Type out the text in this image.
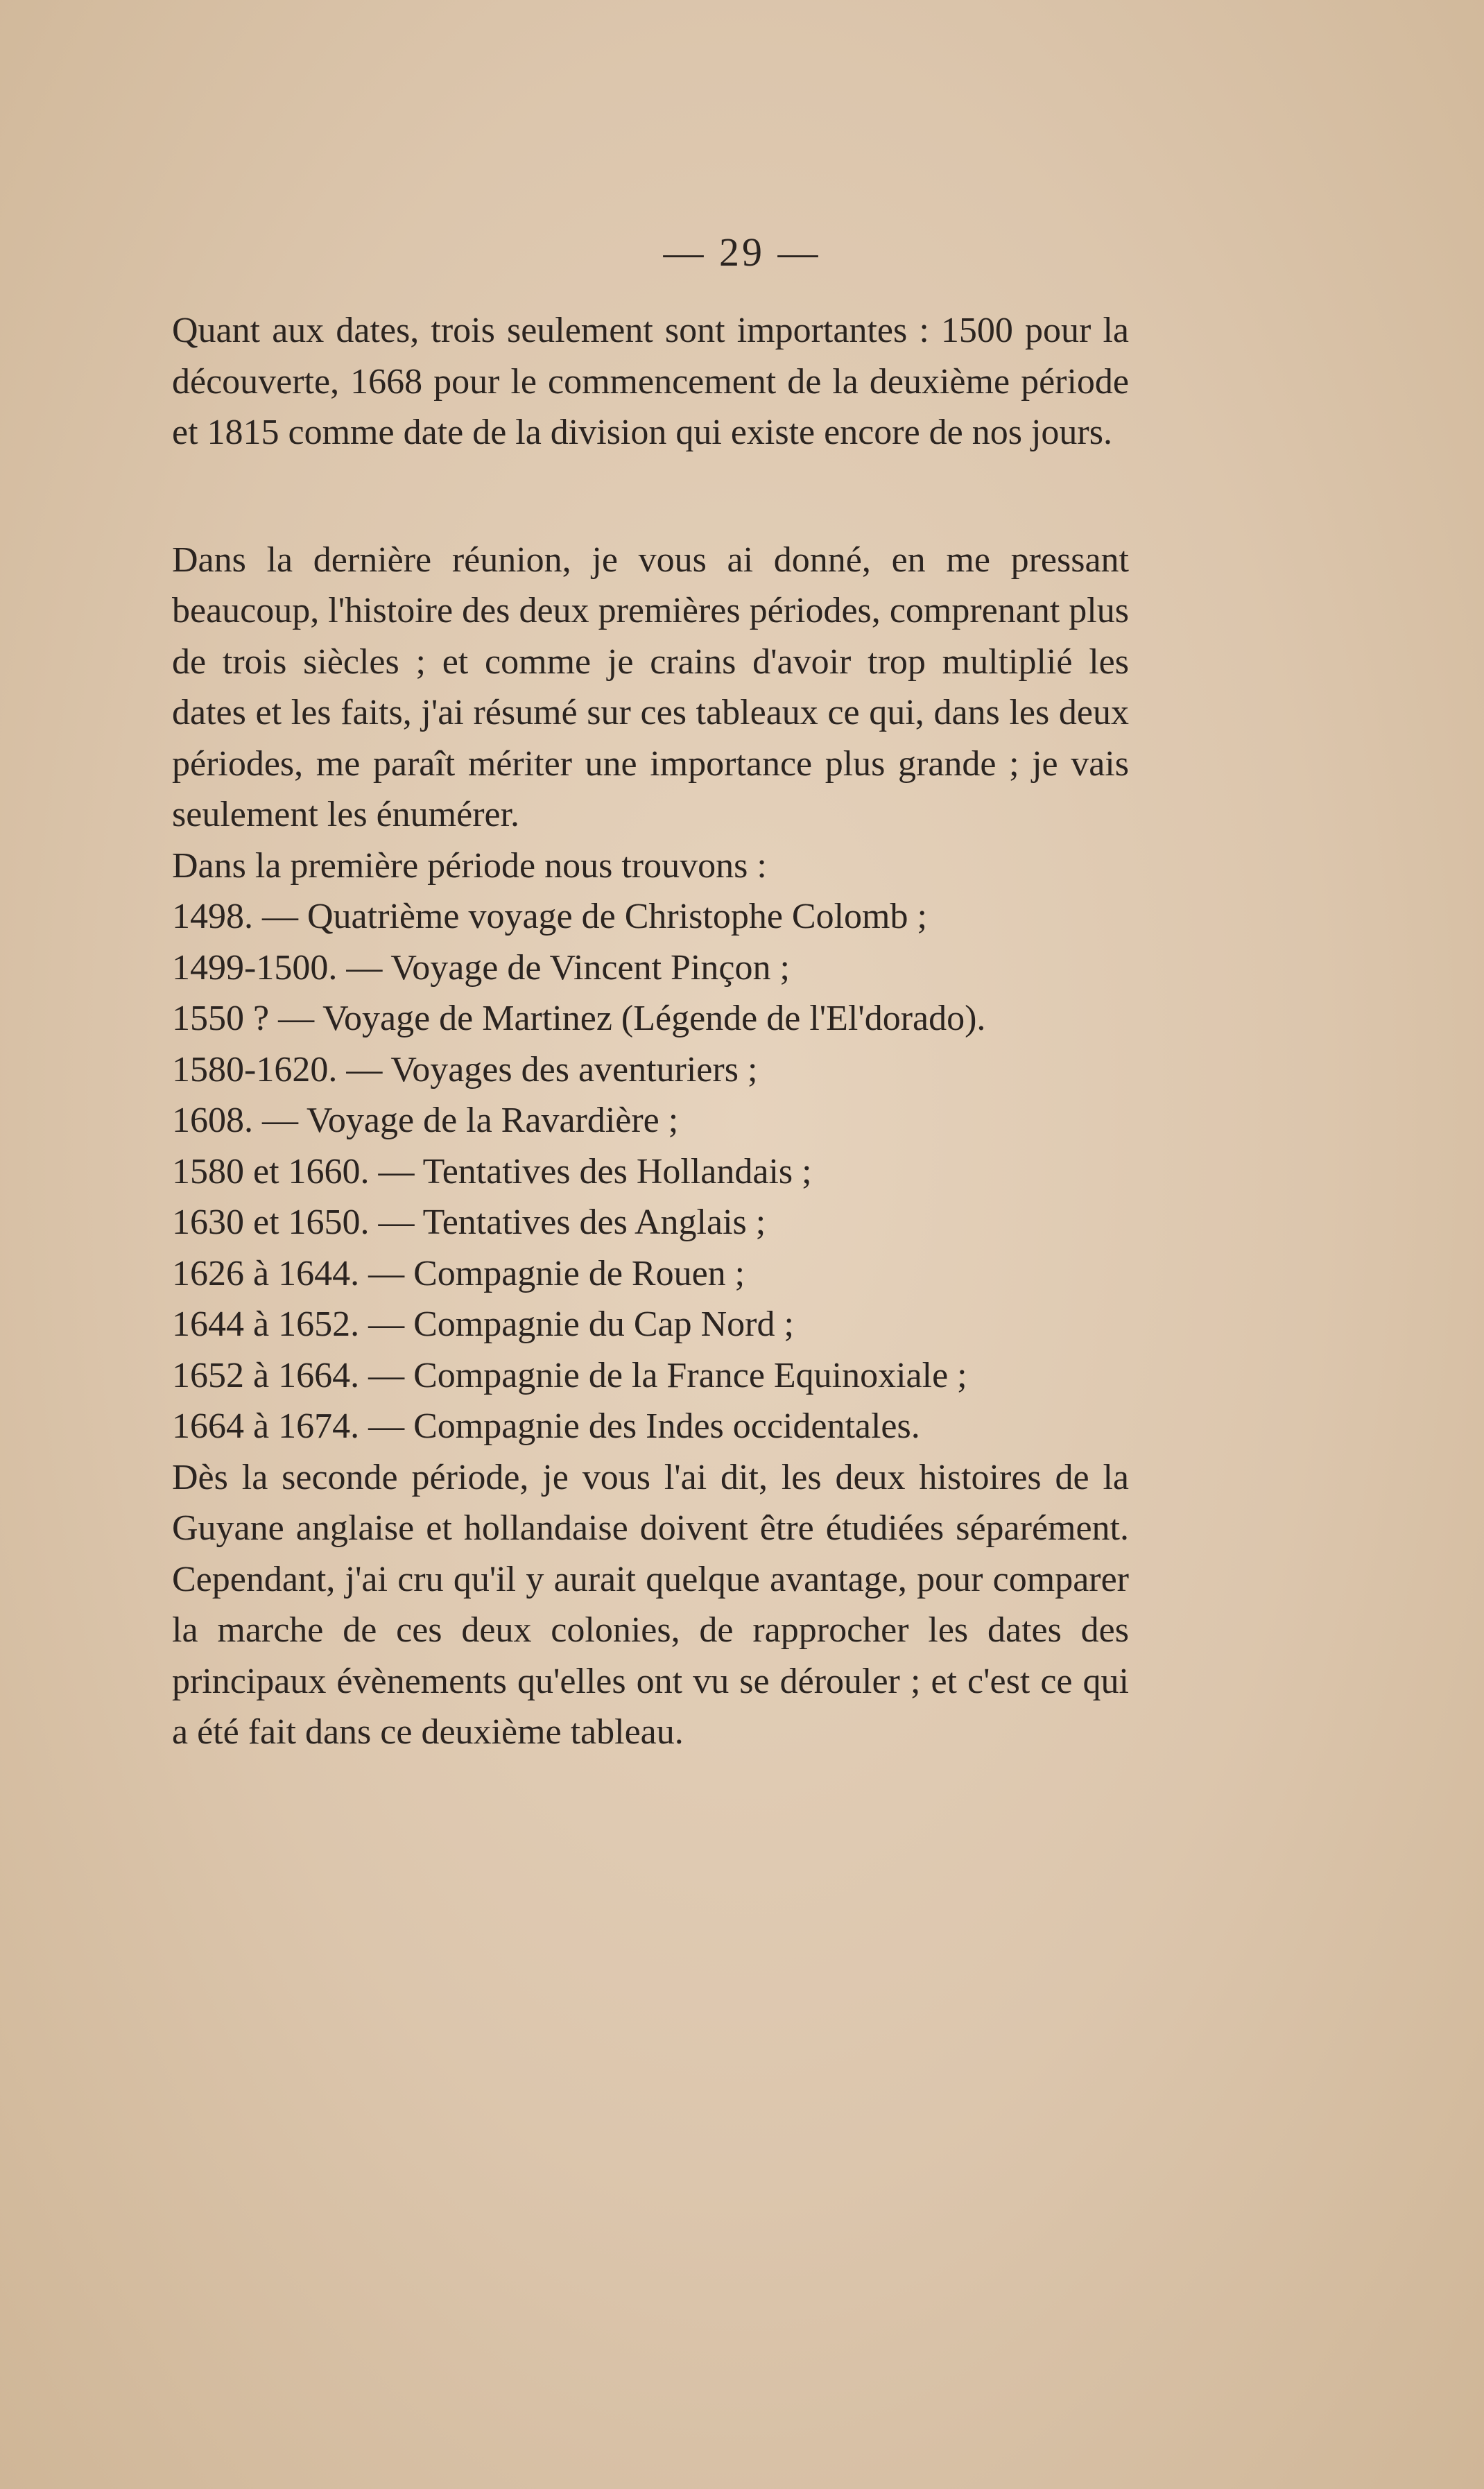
— 29 —

Quant aux dates, trois seulement sont importantes : 1500 pour la découverte, 1668 pour le commencement de la deuxième période et 1815 comme date de la division qui existe encore de nos jours.

Dans la dernière réunion, je vous ai donné, en me pressant beaucoup, l'histoire des deux premières périodes, comprenant plus de trois siècles ; et comme je crains d'avoir trop multiplié les dates et les faits, j'ai résumé sur ces tableaux ce qui, dans les deux périodes, me paraît mériter une importance plus grande ; je vais seulement les énumérer.

Dans la première période nous trouvons :

1498. — Quatrième voyage de Christophe Colomb ;

1499-1500. — Voyage de Vincent Pinçon ;

1550 ? — Voyage de Martinez (Légende de l'El'dorado).

1580-1620. — Voyages des aventuriers ;

1608. — Voyage de la Ravardière ;

1580 et 1660. — Tentatives des Hollandais ;

1630 et 1650. — Tentatives des Anglais ;

1626 à 1644. — Compagnie de Rouen ;

1644 à 1652. — Compagnie du Cap Nord ;

1652 à 1664. — Compagnie de la France Equinoxiale ;

1664 à 1674. — Compagnie des Indes occidentales.

Dès la seconde période, je vous l'ai dit, les deux histoires de la Guyane anglaise et hollandaise doivent être étudiées séparément. Cependant, j'ai cru qu'il y aurait quelque avantage, pour comparer la marche de ces deux colonies, de rapprocher les dates des principaux évènements qu'elles ont vu se dérouler ; et c'est ce qui a été fait dans ce deuxième tableau.
